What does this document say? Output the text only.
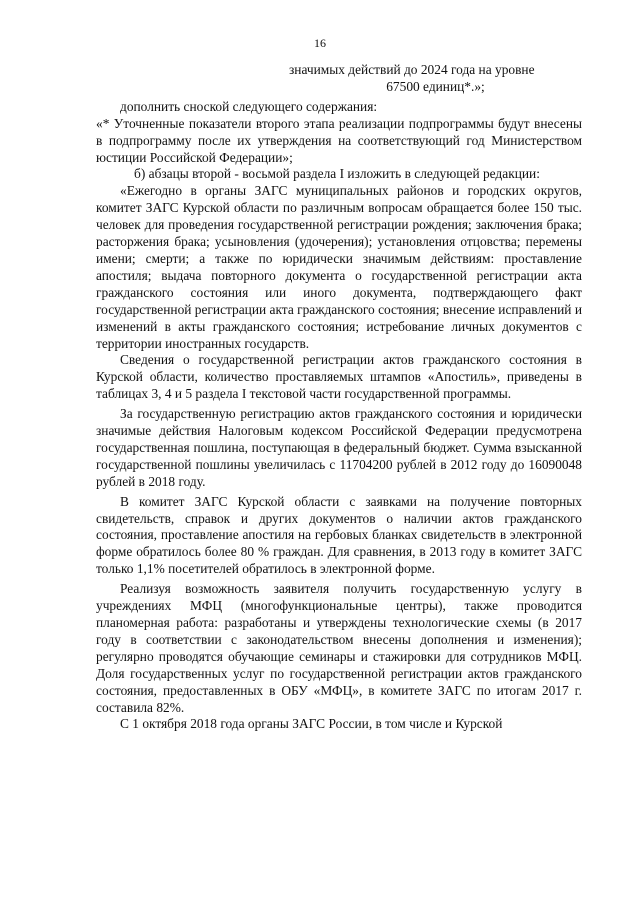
16

значимых действий до 2024 года на уровне

67500 единиц*.»;

дополнить сноской следующего содержания:

«* Уточненные показатели второго этапа реализации подпрограммы будут внесены в подпрограмму после их утверждения на соответствующий год Министерством юстиции Российской Федерации»;

б) абзацы второй - восьмой раздела I изложить в следующей редакции:

«Ежегодно в органы ЗАГС муниципальных районов и городских округов, комитет ЗАГС Курской области по различным вопросам обращается более 150 тыс. человек для проведения государственной регистрации рождения; заключения брака; расторжения брака; усыновления (удочерения); установления отцовства; перемены имени; смерти; а также по юридически значимым действиям: проставление апостиля; выдача повторного документа о государственной регистрации акта гражданского состояния или иного документа, подтверждающего факт государственной регистрации акта гражданского состояния; внесение исправлений и изменений в акты гражданского состояния; истребование личных документов с территории иностранных государств.

Сведения о государственной регистрации актов гражданского состояния в Курской области, количество проставляемых штампов «Апостиль», приведены в таблицах 3, 4 и 5 раздела I текстовой части государственной программы.

За государственную регистрацию актов гражданского состояния и юридически значимые действия Налоговым кодексом Российской Федерации предусмотрена государственная пошлина, поступающая в федеральный бюджет. Сумма взысканной государственной пошлины увеличилась с 11704200 рублей в 2012 году до 16090048 рублей в 2018 году.

В комитет ЗАГС Курской области с заявками на получение повторных свидетельств, справок и других документов о наличии актов гражданского состояния, проставление апостиля на гербовых бланках свидетельств в электронной форме обратилось более 80 % граждан. Для сравнения, в 2013 году в комитет ЗАГС только 1,1% посетителей обратилось в электронной форме.

Реализуя возможность заявителя получить государственную услугу в учреждениях МФЦ (многофункциональные центры), также проводится планомерная работа: разработаны и утверждены технологические схемы (в 2017 году в соответствии с законодательством внесены дополнения и изменения); регулярно проводятся обучающие семинары и стажировки для сотрудников МФЦ. Доля государственных услуг по государственной регистрации актов гражданского состояния, предоставленных в ОБУ «МФЦ», в комитете ЗАГС по итогам 2017 г. составила 82%.

С 1 октября 2018 года органы ЗАГС России, в том числе и Курской
